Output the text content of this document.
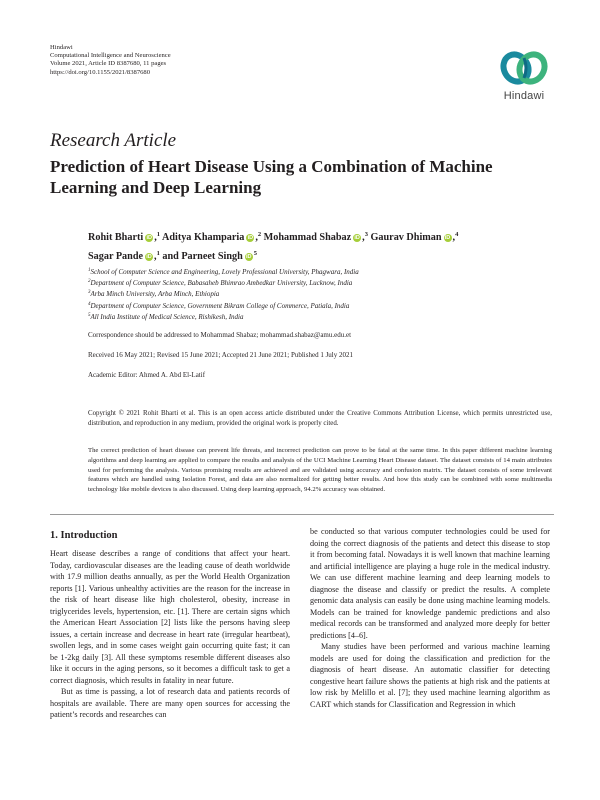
Hindawi
Computational Intelligence and Neuroscience
Volume 2021, Article ID 8387680, 11 pages
https://doi.org/10.1155/2021/8387680
Hindawi
Research Article
Prediction of Heart Disease Using a Combination of Machine Learning and Deep Learning
Rohit Bharti iD ,$^1$ Aditya Khamparia iD ,$^2$ Mohammad Shabaz iD ,$^3$ Gaurav Dhiman iD ,$^4$
Sagar Pande iD ,$^1$ and Parneet Singh iD $^5$
$^1$School of Computer Science and Engineering, Lovely Professional University, Phagwara, India
$^2$Department of Computer Science, Babasaheb Bhimrao Ambedkar University, Lucknow, India
$^3$Arba Minch University, Arba Minch, Ethiopia
$^4$Department of Computer Science, Government Bikram College of Commerce, Patiala, India
$^5$All India Institute of Medical Science, Rishikesh, India
Correspondence should be addressed to Mohammad Shabaz; mohammad.shabaz@amu.edu.et
Received 16 May 2021; Revised 15 June 2021; Accepted 21 June 2021; Published 1 July 2021
Academic Editor: Ahmed A. Abd El-Latif
Copyright © 2021 Rohit Bharti et al. This is an open access article distributed under the Creative Commons Attribution License, which permits unrestricted use, distribution, and reproduction in any medium, provided the original work is properly cited.
The correct prediction of heart disease can prevent life threats, and incorrect prediction can prove to be fatal at the same time. In this paper different machine learning algorithms and deep learning are applied to compare the results and analysis of the UCI Machine Learning Heart Disease dataset. The dataset consists of 14 main attributes used for performing the analysis. Various promising results are achieved and are validated using accuracy and confusion matrix. The dataset consists of some irrelevant features which are handled using Isolation Forest, and data are also normalized for getting better results. And how this study can be combined with some multimedia technology like mobile devices is also discussed. Using deep learning approach, 94.2% accuracy was obtained.
1. Introduction

Heart disease describes a range of conditions that affect your heart. Today, cardiovascular diseases are the leading cause of death worldwide with 17.9 million deaths annually, as per the World Health Organization reports [1]. Various unhealthy activities are the reason for the increase in the risk of heart disease like high cholesterol, obesity, increase in triglycerides levels, hypertension, etc. [1]. There are certain signs which the American Heart Association [2] lists like the persons having sleep issues, a certain increase and decrease in heart rate (irregular heartbeat), swollen legs, and in some cases weight gain occurring quite fast; it can be 1-2kg daily [3]. All these symptoms resemble different diseases also like it occurs in the aging persons, so it becomes a difficult task to get a correct diagnosis, which results in fatality in near future.

But as time is passing, a lot of research data and patients records of hospitals are available. There are many open sources for accessing the patient’s records and researches can

be conducted so that various computer technologies could be used for doing the correct diagnosis of the patients and detect this disease to stop it from becoming fatal. Nowadays it is well known that machine learning and artificial intelligence are playing a huge role in the medical industry. We can use different machine learning and deep learning models to diagnose the disease and classify or predict the results. A complete genomic data analysis can easily be done using machine learning models. Models can be trained for knowledge pandemic predictions and also medical records can be transformed and analyzed more deeply for better predictions [4–6].

Many studies have been performed and various machine learning models are used for doing the classification and prediction for the diagnosis of heart disease. An automatic classifier for detecting congestive heart failure shows the patients at high risk and the patients at low risk by Melillo et al. [7]; they used machine learning algorithm as CART which stands for Classification and Regression in which
